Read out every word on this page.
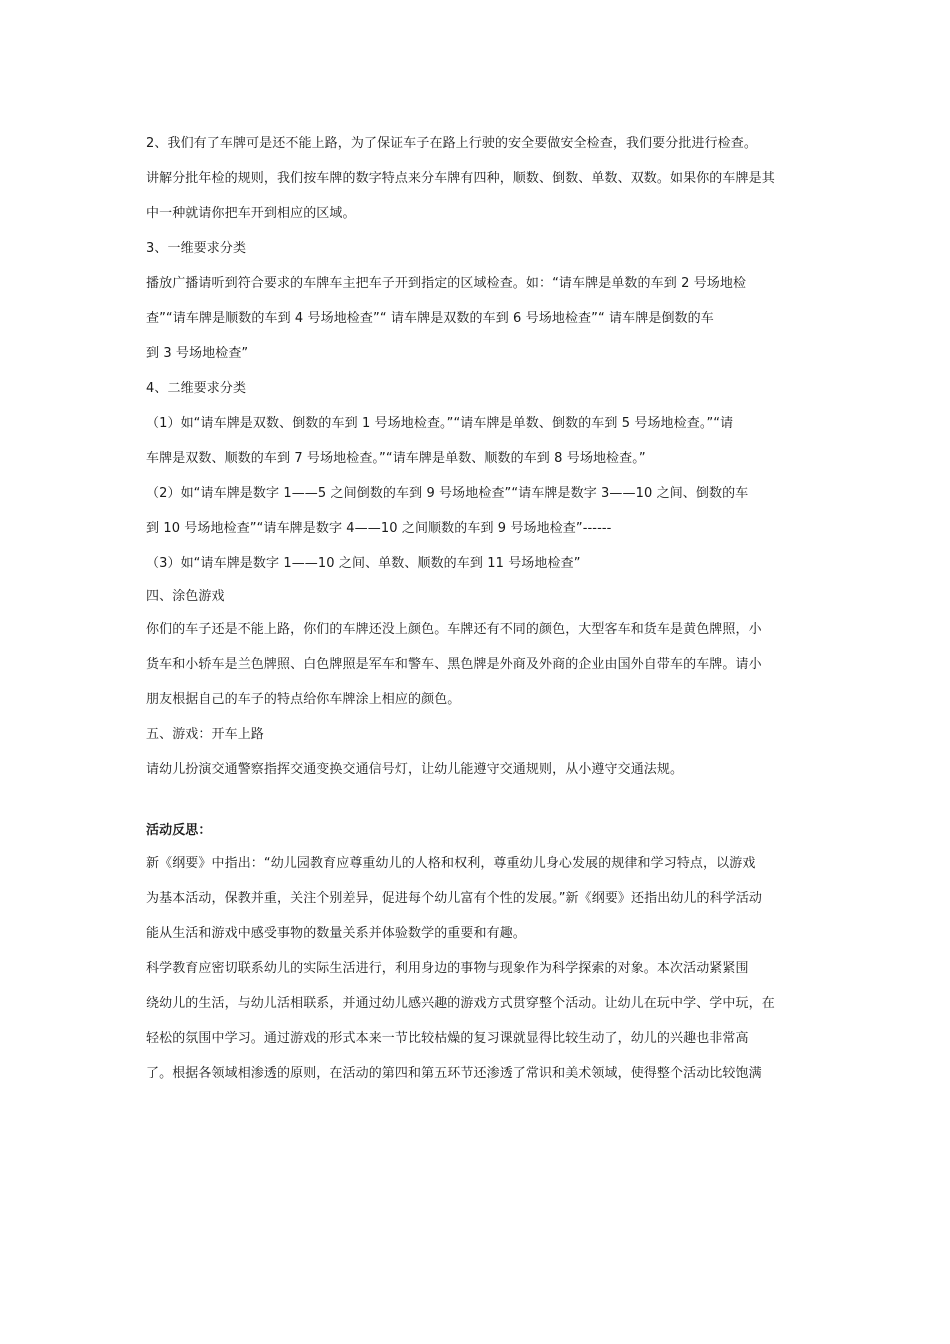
2、我们有了车牌可是还不能上路，为了保证车子在路上行驶的安全要做安全检查，我们要分批进行检查。

讲解分批年检的规则，我们按车牌的数字特点来分车牌有四种，顺数、倒数、单数、双数。如果你的车牌是其

中一种就请你把车开到相应的区域。

3、一维要求分类

播放广播请听到符合要求的车牌车主把车子开到指定的区域检查。如：“请车牌是单数的车到 2 号场地检

查”“请车牌是顺数的车到 4 号场地检查”“ 请车牌是双数的车到 6 号场地检查”“ 请车牌是倒数的车

到 3 号场地检查”

4、二维要求分类

（1）如“请车牌是双数、倒数的车到 1 号场地检查。”“请车牌是单数、倒数的车到 5 号场地检查。”“请

车牌是双数、顺数的车到 7 号场地检查。”“请车牌是单数、顺数的车到 8 号场地检查。”

（2）如“请车牌是数字 1——5 之间倒数的车到 9 号场地检查”“请车牌是数字 3——10 之间、倒数的车

到 10 号场地检查”“请车牌是数字 4——10 之间顺数的车到 9 号场地检查”------

（3）如“请车牌是数字 1——10 之间、单数、顺数的车到 11 号场地检查”

四、涂色游戏

你们的车子还是不能上路，你们的车牌还没上颜色。车牌还有不同的颜色，大型客车和货车是黄色牌照，小

货车和小轿车是兰色牌照、白色牌照是军车和警车、黑色牌是外商及外商的企业由国外自带车的车牌。请小

朋友根据自己的车子的特点给你车牌涂上相应的颜色。

五、游戏：开车上路

请幼儿扮演交通警察指挥交通变换交通信号灯，让幼儿能遵守交通规则，从小遵守交通法规。

活动反思：

新《纲要》中指出：“幼儿园教育应尊重幼儿的人格和权利，尊重幼儿身心发展的规律和学习特点，以游戏

为基本活动，保教并重，关注个别差异，促进每个幼儿富有个性的发展。”新《纲要》还指出幼儿的科学活动

能从生活和游戏中感受事物的数量关系并体验数学的重要和有趣。

科学教育应密切联系幼儿的实际生活进行，利用身边的事物与现象作为科学探索的对象。本次活动紧紧围

绕幼儿的生活，与幼儿活相联系，并通过幼儿感兴趣的游戏方式贯穿整个活动。让幼儿在玩中学、学中玩，在

轻松的氛围中学习。通过游戏的形式本来一节比较枯燥的复习课就显得比较生动了，幼儿的兴趣也非常高

了。根据各领域相渗透的原则，在活动的第四和第五环节还渗透了常识和美术领域，使得整个活动比较饱满
